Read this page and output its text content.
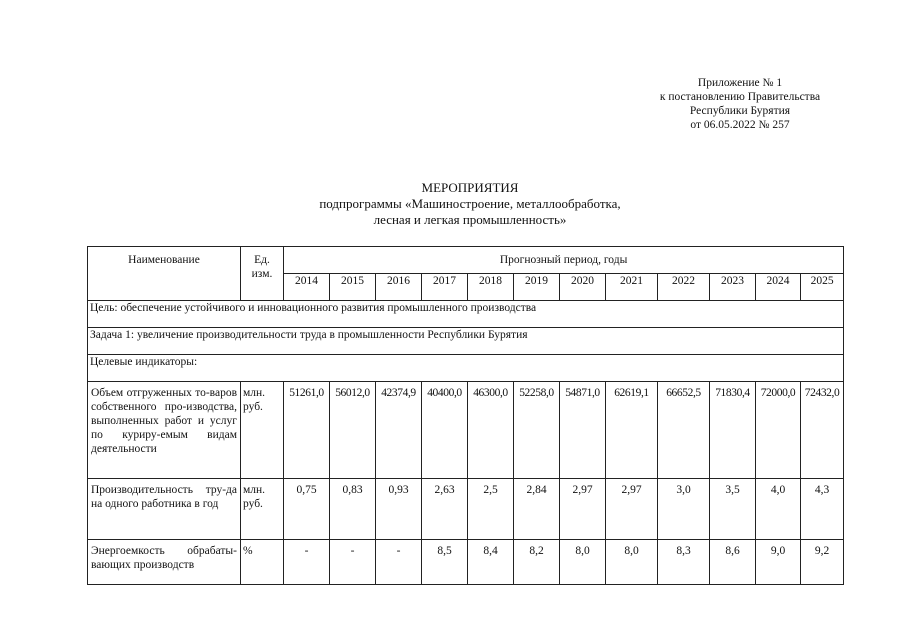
Приложение № 1
к постановлению Правительства
Республики Бурятия
от 06.05.2022 № 257
МЕРОПРИЯТИЯ
подпрограммы «Машиностроение, металлообработка,
лесная и легкая промышленность»
Наименование	Ед. изм.	Прогнозный период, годы											
		2014	2015	2016	2017	2018	2019	2020	2021	2022	2023	2024	2025
Цель: обеспечение устойчивого и инновационного развития промышленного производства													
Задача 1: увеличение производительности труда в промышленности Республики Бурятия													
Целевые индикаторы:													
Объем отгруженных то-варов собственного про-изводства, выполненных работ и услуг по куриру-емым видам деятельности	млн. руб.	51261,0	56012,0	42374,9	40400,0	46300,0	52258,0	54871,0	62619,1	66652,5	71830,4	72000,0	72432,0
Производительность тру-да на одного работника в год	млн. руб.	0,75	0,83	0,93	2,63	2,5	2,84	2,97	2,97	3,0	3,5	4,0	4,3
Энергоемкость обрабаты-вающих производств	%	-	-	-	8,5	8,4	8,2	8,0	8,0	8,3	8,6	9,0	9,2
